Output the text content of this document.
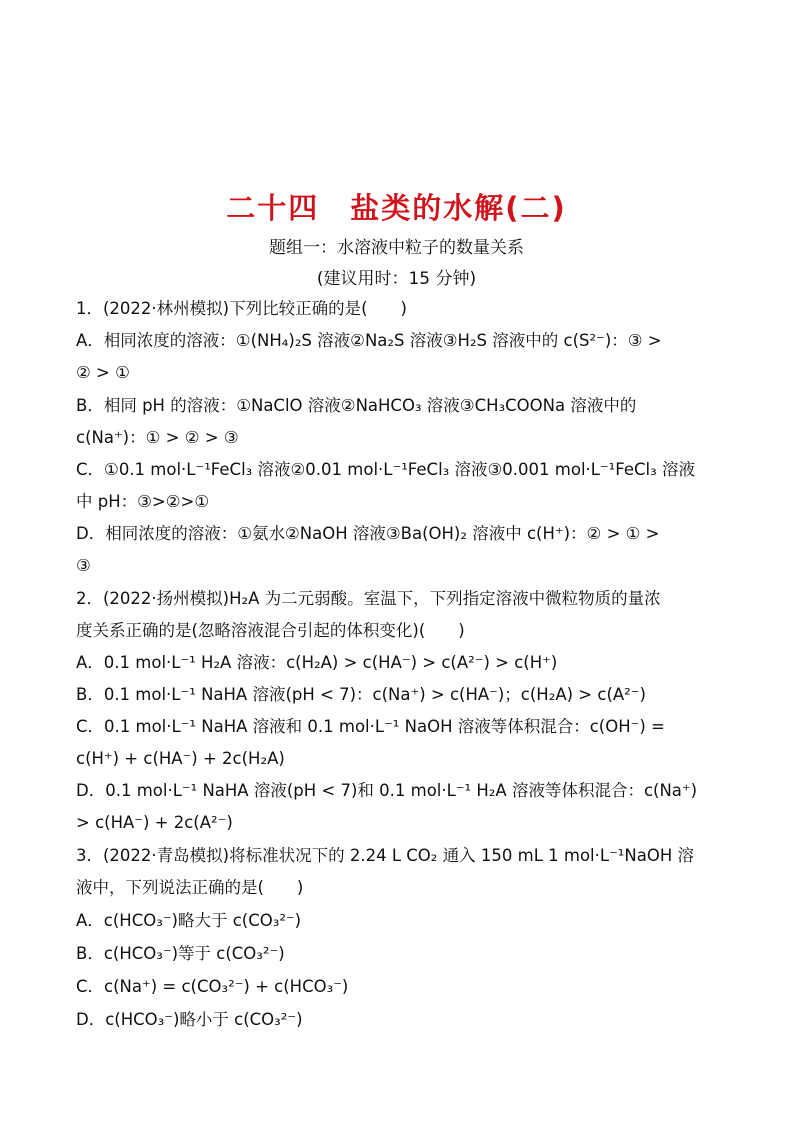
二十四　盐类的水解(二)
题组一：水溶液中粒子的数量关系
(建议用时：15 分钟)
1．(2022·林州模拟)下列比较正确的是(　　)
A．相同浓度的溶液：①(NH₄)₂S 溶液②Na₂S 溶液③H₂S 溶液中的 c(S²⁻)：③ >
② > ①
B．相同 pH 的溶液：①NaClO 溶液②NaHCO₃ 溶液③CH₃COONa 溶液中的
c(Na⁺)：① > ② > ③
C．①0.1 mol·L⁻¹FeCl₃ 溶液②0.01 mol·L⁻¹FeCl₃ 溶液③0.001 mol·L⁻¹FeCl₃ 溶液
中 pH：③>②>①
D．相同浓度的溶液：①氨水②NaOH 溶液③Ba(OH)₂ 溶液中 c(H⁺)：② > ① >
③
2．(2022·扬州模拟)H₂A 为二元弱酸。室温下，下列指定溶液中微粒物质的量浓
度关系正确的是(忽略溶液混合引起的体积变化)(　　)
A．0.1 mol·L⁻¹ H₂A 溶液：c(H₂A) > c(HA⁻) > c(A²⁻) > c(H⁺)
B．0.1 mol·L⁻¹ NaHA 溶液(pH < 7)：c(Na⁺) > c(HA⁻)；c(H₂A) > c(A²⁻)
C．0.1 mol·L⁻¹ NaHA 溶液和 0.1 mol·L⁻¹ NaOH 溶液等体积混合：c(OH⁻) =
c(H⁺) + c(HA⁻) + 2c(H₂A)
D．0.1 mol·L⁻¹ NaHA 溶液(pH < 7)和 0.1 mol·L⁻¹ H₂A 溶液等体积混合：c(Na⁺)
> c(HA⁻) + 2c(A²⁻)
3．(2022·青岛模拟)将标准状况下的 2.24 L CO₂ 通入 150 mL 1 mol·L⁻¹NaOH 溶
液中，下列说法正确的是(　　)
A．c(HCO₃⁻)略大于 c(CO₃²⁻)
B．c(HCO₃⁻)等于 c(CO₃²⁻)
C．c(Na⁺) = c(CO₃²⁻) + c(HCO₃⁻)
D．c(HCO₃⁻)略小于 c(CO₃²⁻)
